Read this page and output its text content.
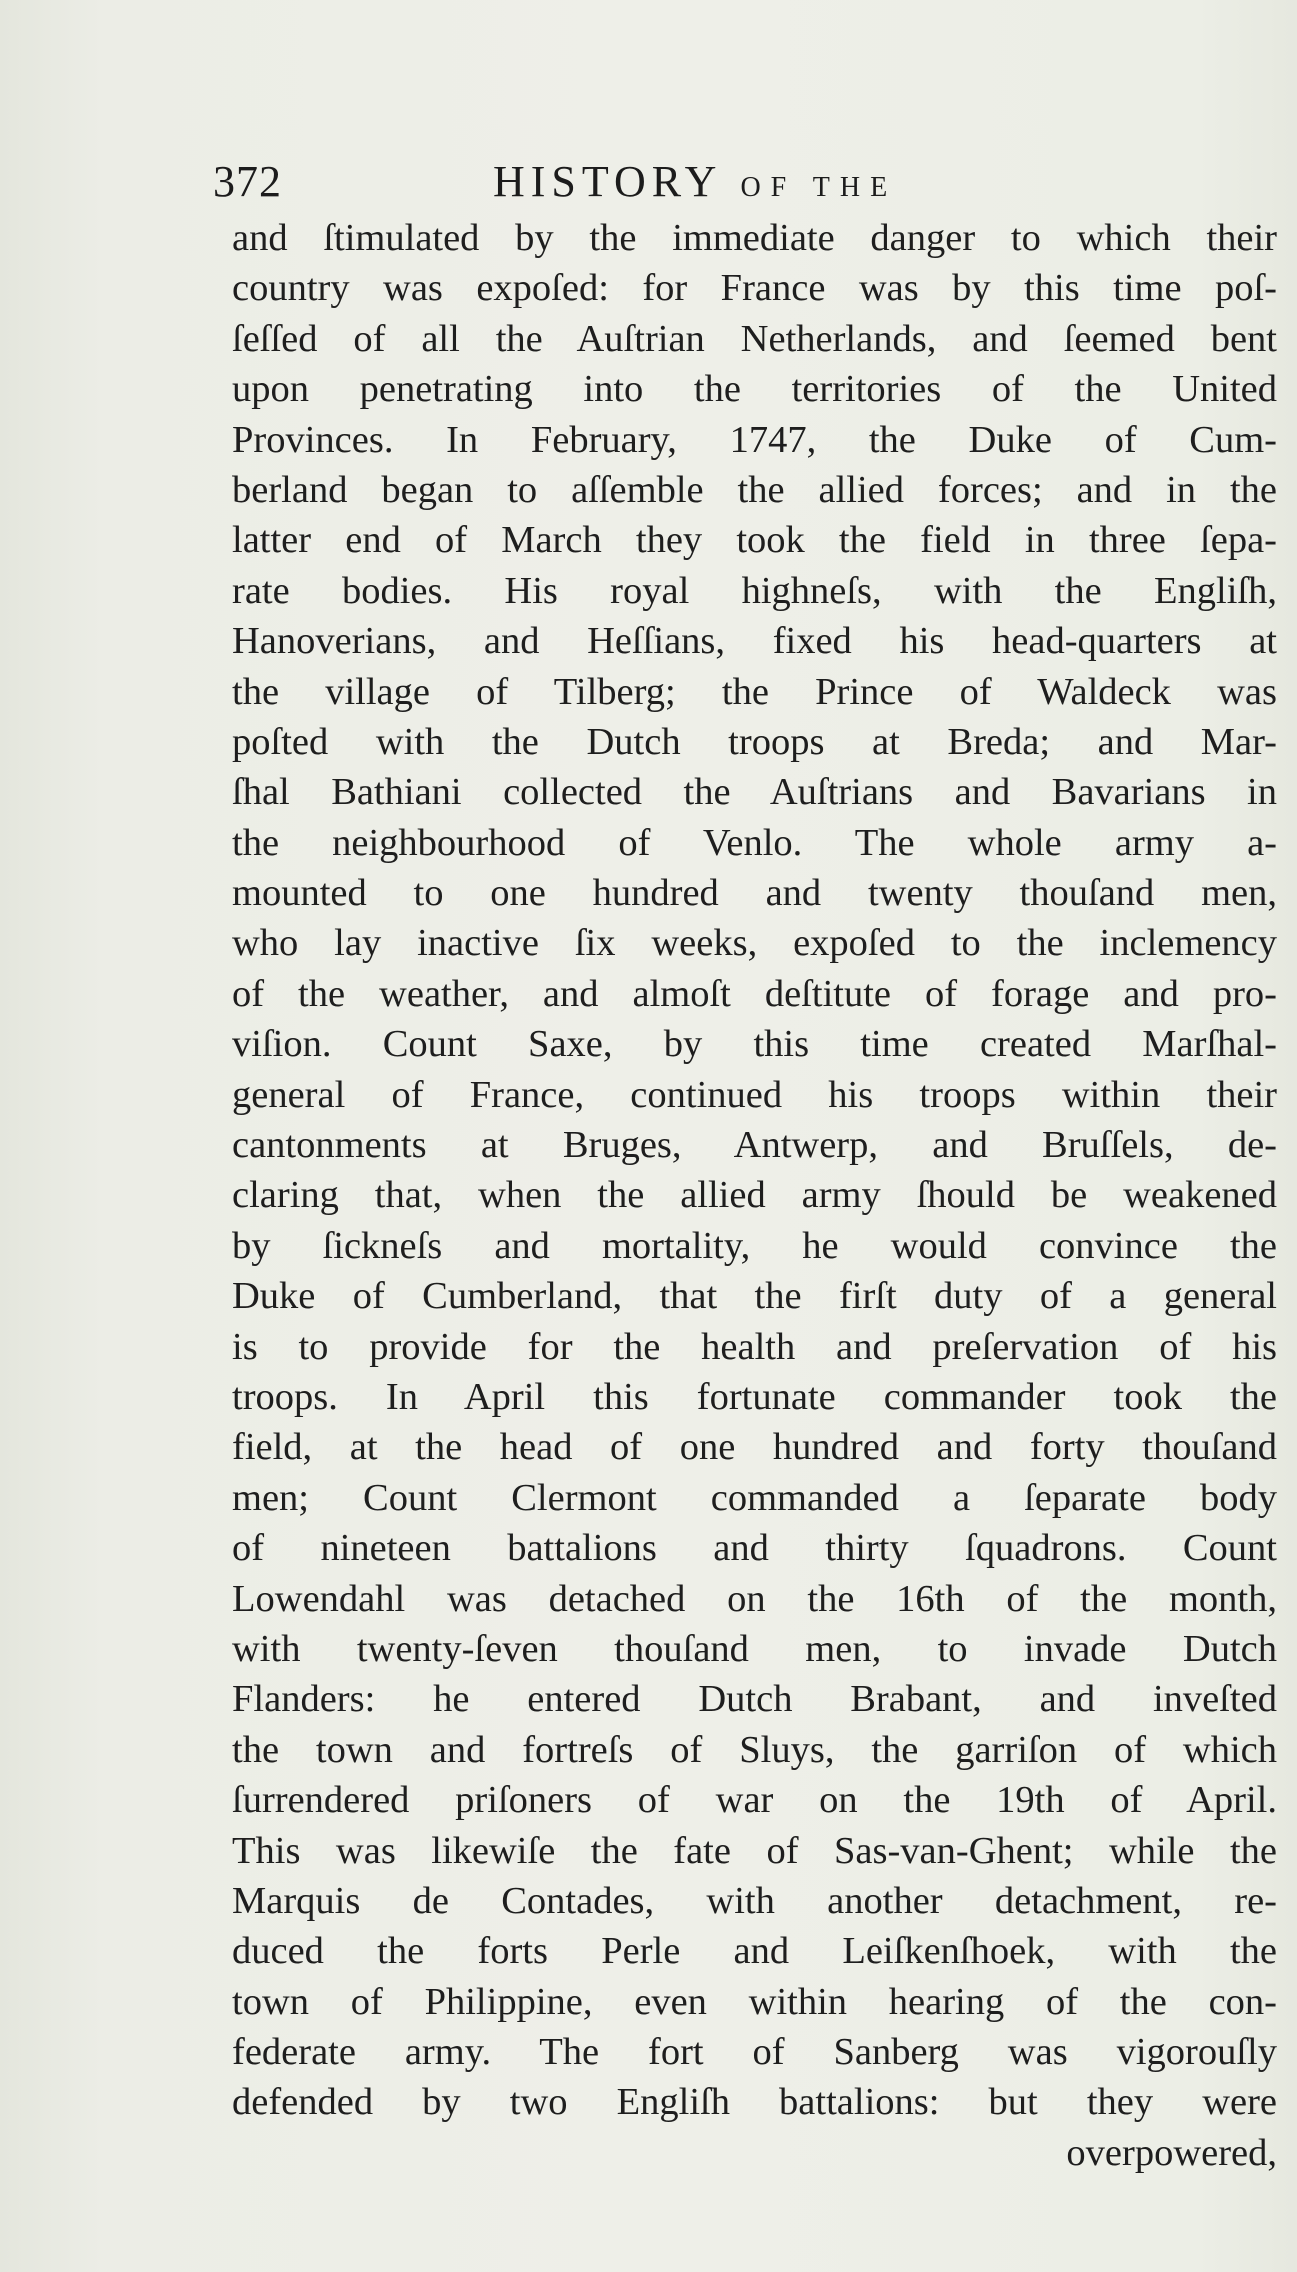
372	HISTORY OF THE
and ſtimulated by the immediate danger to which their
country was expoſed: for France was by this time poſ-
ſeſſed of all the Auſtrian Netherlands, and ſeemed bent
upon penetrating into the territories of the United
Provinces. In February, 1747, the Duke of Cum-
berland began to aſſemble the allied forces; and in the
latter end of March they took the field in three ſepa-
rate bodies. His royal highneſs, with the Engliſh,
Hanoverians, and Heſſians, fixed his head-quarters at
the village of Tilberg; the Prince of Waldeck was
poſted with the Dutch troops at Breda; and Mar-
ſhal Bathiani collected the Auſtrians and Bavarians in
the neighbourhood of Venlo. The whole army a-
mounted to one hundred and twenty thouſand men,
who lay inactive ſix weeks, expoſed to the inclemency
of the weather, and almoſt deſtitute of forage and pro-
viſion. Count Saxe, by this time created Marſhal-
general of France, continued his troops within their
cantonments at Bruges, Antwerp, and Bruſſels, de-
claring that, when the allied army ſhould be weakened
by ſickneſs and mortality, he would convince the
Duke of Cumberland, that the firſt duty of a general
is to provide for the health and preſervation of his
troops. In April this fortunate commander took the
field, at the head of one hundred and forty thouſand
men; Count Clermont commanded a ſeparate body
of nineteen battalions and thirty ſquadrons. Count
Lowendahl was detached on the 16th of the month,
with twenty-ſeven thouſand men, to invade Dutch
Flanders: he entered Dutch Brabant, and inveſted
the town and fortreſs of Sluys, the garriſon of which
ſurrendered priſoners of war on the 19th of April.
This was likewiſe the fate of Sas-van-Ghent; while the
Marquis de Contades, with another detachment, re-
duced the forts Perle and Leiſkenſhoek, with the
town of Philippine, even within hearing of the con-
federate army. The fort of Sanberg was vigorouſly
defended by two Engliſh battalions: but they were
overpowered,
